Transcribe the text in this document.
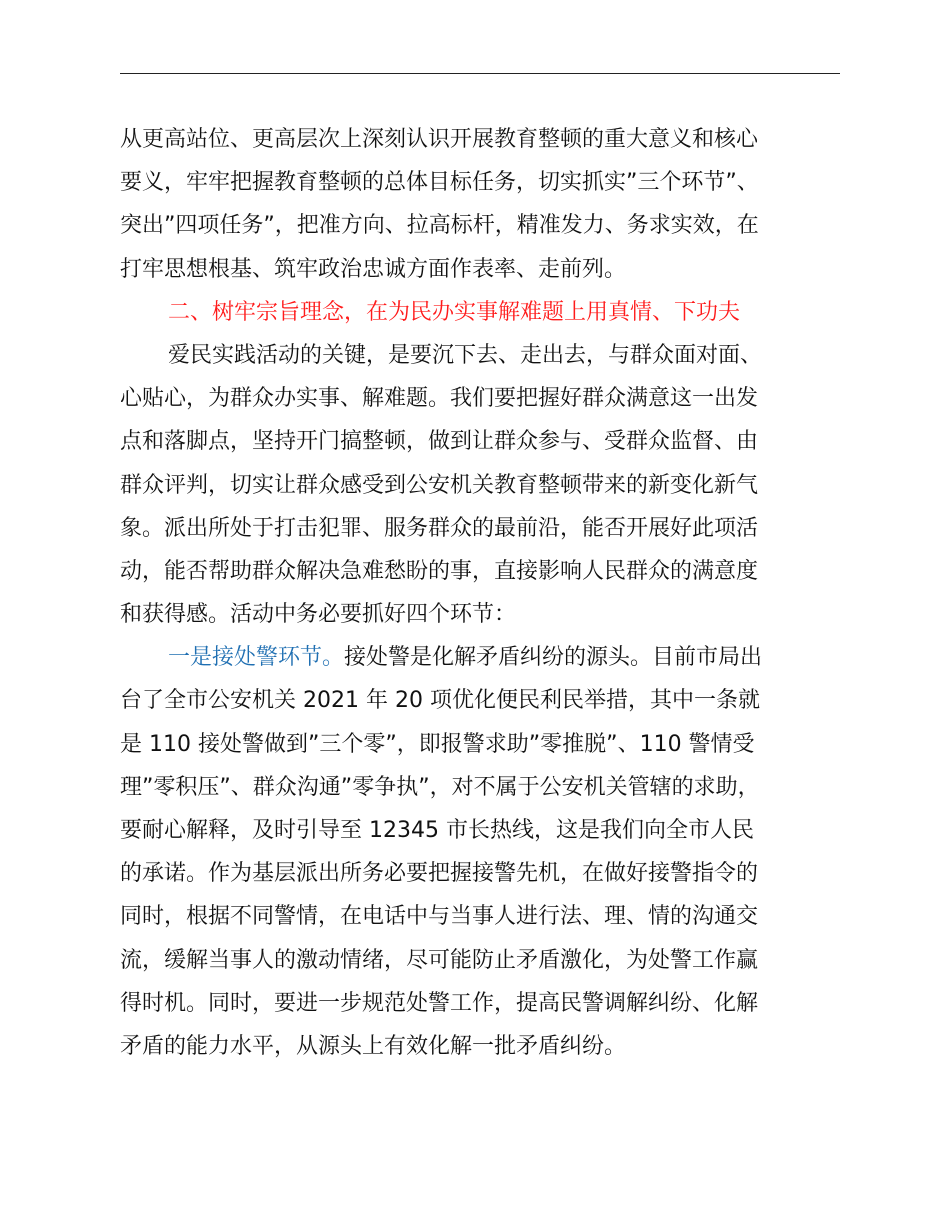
从更高站位、更高层次上深刻认识开展教育整顿的重大意义和核心

要义，牢牢把握教育整顿的总体目标任务，切实抓实”三个环节”、

突出”四项任务”，把准方向、拉高标杆，精准发力、务求实效，在

打牢思想根基、筑牢政治忠诚方面作表率、走前列。

二、树牢宗旨理念，在为民办实事解难题上用真情、下功夫

爱民实践活动的关键，是要沉下去、走出去，与群众面对面、

心贴心，为群众办实事、解难题。我们要把握好群众满意这一出发

点和落脚点，坚持开门搞整顿，做到让群众参与、受群众监督、由

群众评判，切实让群众感受到公安机关教育整顿带来的新变化新气

象。派出所处于打击犯罪、服务群众的最前沿，能否开展好此项活

动，能否帮助群众解决急难愁盼的事，直接影响人民群众的满意度

和获得感。活动中务必要抓好四个环节：

一是接处警环节。接处警是化解矛盾纠纷的源头。目前市局出

台了全市公安机关 2021 年 20 项优化便民利民举措，其中一条就

是 110 接处警做到”三个零”，即报警求助”零推脱”、110 警情受

理”零积压”、群众沟通”零争执”，对不属于公安机关管辖的求助，

要耐心解释，及时引导至 12345 市长热线，这是我们向全市人民

的承诺。作为基层派出所务必要把握接警先机，在做好接警指令的

同时，根据不同警情，在电话中与当事人进行法、理、情的沟通交

流，缓解当事人的激动情绪，尽可能防止矛盾激化，为处警工作赢

得时机。同时，要进一步规范处警工作，提高民警调解纠纷、化解

矛盾的能力水平，从源头上有效化解一批矛盾纠纷。
